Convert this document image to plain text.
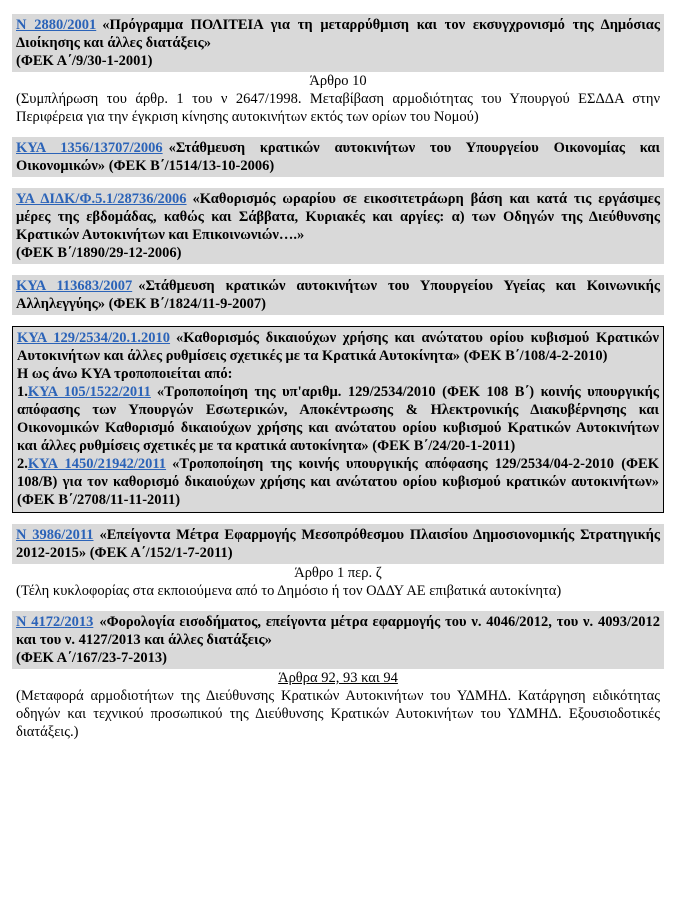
N 2880/2001 «Πρόγραμμα ΠΟΛΙΤΕΙΑ για τη μεταρρύθμιση και τον εκσυγχρονισμό της Δημόσιας Διοίκησης και άλλες διατάξεις»
(ΦΕΚ Α΄/9/30-1-2001)
Άρθρο 10
(Συμπλήρωση του άρθρ. 1 του ν 2647/1998. Μεταβίβαση αρμοδιότητας του Υπουργού ΕΣΔΔΑ στην Περιφέρεια για την έγκριση κίνησης αυτοκινήτων εκτός των ορίων του Νομού)
ΚΥΑ 1356/13707/2006 «Στάθμευση κρατικών αυτοκινήτων του Υπουργείου Οικονομίας και Οικονομικών» (ΦΕΚ Β΄/1514/13-10-2006)
ΥΑ ΔΙΔΚ/Φ.5.1/28736/2006 «Καθορισμός ωραρίου σε εικοσιτετράωρη βάση και κατά τις εργάσιμες μέρες της εβδομάδας, καθώς και Σάββατα, Κυριακές και αργίες: α) των Οδηγών της Διεύθυνσης Κρατικών Αυτοκινήτων και Επικοινωνιών….»
(ΦΕΚ Β΄/1890/29-12-2006)
ΚΥΑ 113683/2007 «Στάθμευση κρατικών αυτοκινήτων του Υπουργείου Υγείας και Κοινωνικής Αλληλεγγύης» (ΦΕΚ Β΄/1824/11-9-2007)
ΚΥΑ 129/2534/20.1.2010 «Καθορισμός δικαιούχων χρήσης και ανώτατου ορίου κυβισμού Κρατικών Αυτοκινήτων και άλλες ρυθμίσεις σχετικές με τα Κρατικά Αυτοκίνητα» (ΦΕΚ Β΄/108/4-2-2010)
Η ως άνω ΚΥΑ τροποποιείται από:
1.ΚΥΑ 105/1522/2011 «Τροποποίηση της υπ'αριθμ. 129/2534/2010 (ΦΕΚ 108 Β΄) κοινής υπουργικής απόφασης των Υπουργών Εσωτερικών, Αποκέντρωσης & Ηλεκτρονικής Διακυβέρνησης και Οικονομικών Καθορισμό δικαιούχων χρήσης και ανώτατου ορίου κυβισμού Κρατικών Αυτοκινήτων και άλλες ρυθμίσεις σχετικές με τα κρατικά αυτοκίνητα» (ΦΕΚ Β΄/24/20-1-2011)
2.ΚΥΑ 1450/21942/2011 «Τροποποίηση της κοινής υπουργικής απόφασης 129/2534/04-2-2010 (ΦΕΚ 108/Β) για τον καθορισμό δικαιούχων χρήσης και ανώτατου ορίου κυβισμού κρατικών αυτοκινήτων» (ΦΕΚ Β΄/2708/11-11-2011)
N 3986/2011 «Επείγοντα Μέτρα Εφαρμογής Μεσοπρόθεσμου Πλαισίου Δημοσιονομικής Στρατηγικής 2012-2015» (ΦΕΚ Α΄/152/1-7-2011)
Άρθρο 1 περ. ζ
(Τέλη κυκλοφορίας στα εκποιούμενα από το Δημόσιο ή τον ΟΔΔΥ ΑΕ επιβατικά αυτοκίνητα)
N 4172/2013 «Φορολογία εισοδήματος, επείγοντα μέτρα εφαρμογής του ν. 4046/2012, του ν. 4093/2012 και του ν. 4127/2013 και άλλες διατάξεις»
(ΦΕΚ Α΄/167/23-7-2013)
Άρθρα 92, 93 και 94
(Μεταφορά αρμοδιοτήτων της Διεύθυνσης Κρατικών Αυτοκινήτων του ΥΔΜΗΔ. Κατάργηση ειδικότητας οδηγών και τεχνικού προσωπικού της Διεύθυνσης Κρατικών Αυτοκινήτων του ΥΔΜΗΔ. Εξουσιοδοτικές διατάξεις.)
